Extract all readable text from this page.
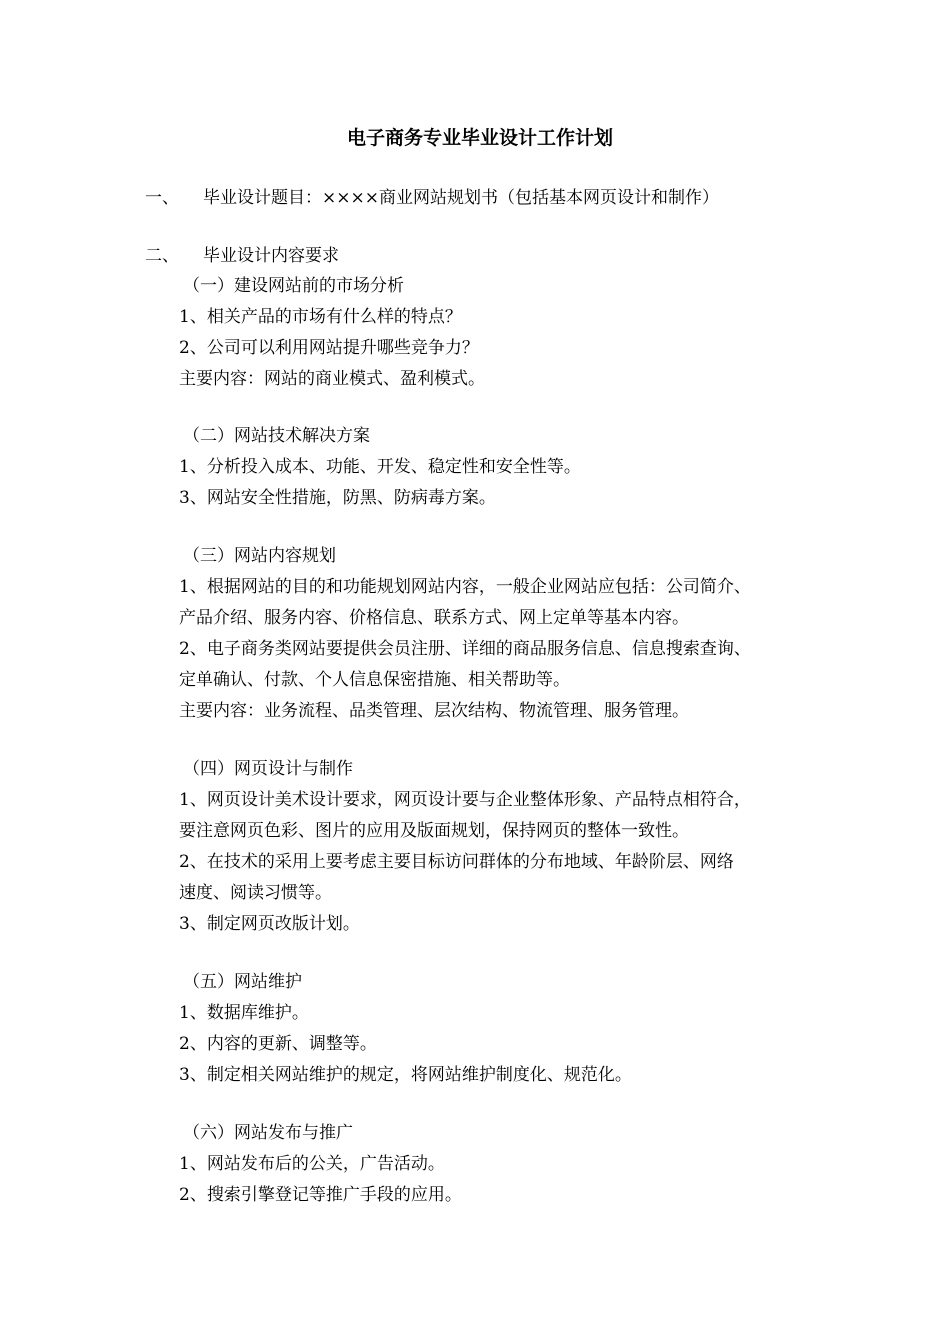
电子商务专业毕业设计工作计划
一、 毕业设计题目：××××商业网站规划书（包括基本网页设计和制作）
二、 毕业设计内容要求
（一）建设网站前的市场分析
1、相关产品的市场有什么样的特点？
2、公司可以利用网站提升哪些竞争力？
主要内容：网站的商业模式、盈利模式。
（二）网站技术解决方案
1、分析投入成本、功能、开发、稳定性和安全性等。
3、网站安全性措施，防黑、防病毒方案。
（三）网站内容规划
1、根据网站的目的和功能规划网站内容，一般企业网站应包括：公司简介、
产品介绍、服务内容、价格信息、联系方式、网上定单等基本内容。
2、电子商务类网站要提供会员注册、详细的商品服务信息、信息搜索查询、
定单确认、付款、个人信息保密措施、相关帮助等。
主要内容：业务流程、品类管理、层次结构、物流管理、服务管理。
（四）网页设计与制作
1、网页设计美术设计要求，网页设计要与企业整体形象、产品特点相符合，
要注意网页色彩、图片的应用及版面规划，保持网页的整体一致性。
2、在技术的采用上要考虑主要目标访问群体的分布地域、年龄阶层、网络
速度、阅读习惯等。
3、制定网页改版计划。
（五）网站维护
1、数据库维护。
2、内容的更新、调整等。
3、制定相关网站维护的规定，将网站维护制度化、规范化。
（六）网站发布与推广
1、网站发布后的公关，广告活动。
2、搜索引擎登记等推广手段的应用。
